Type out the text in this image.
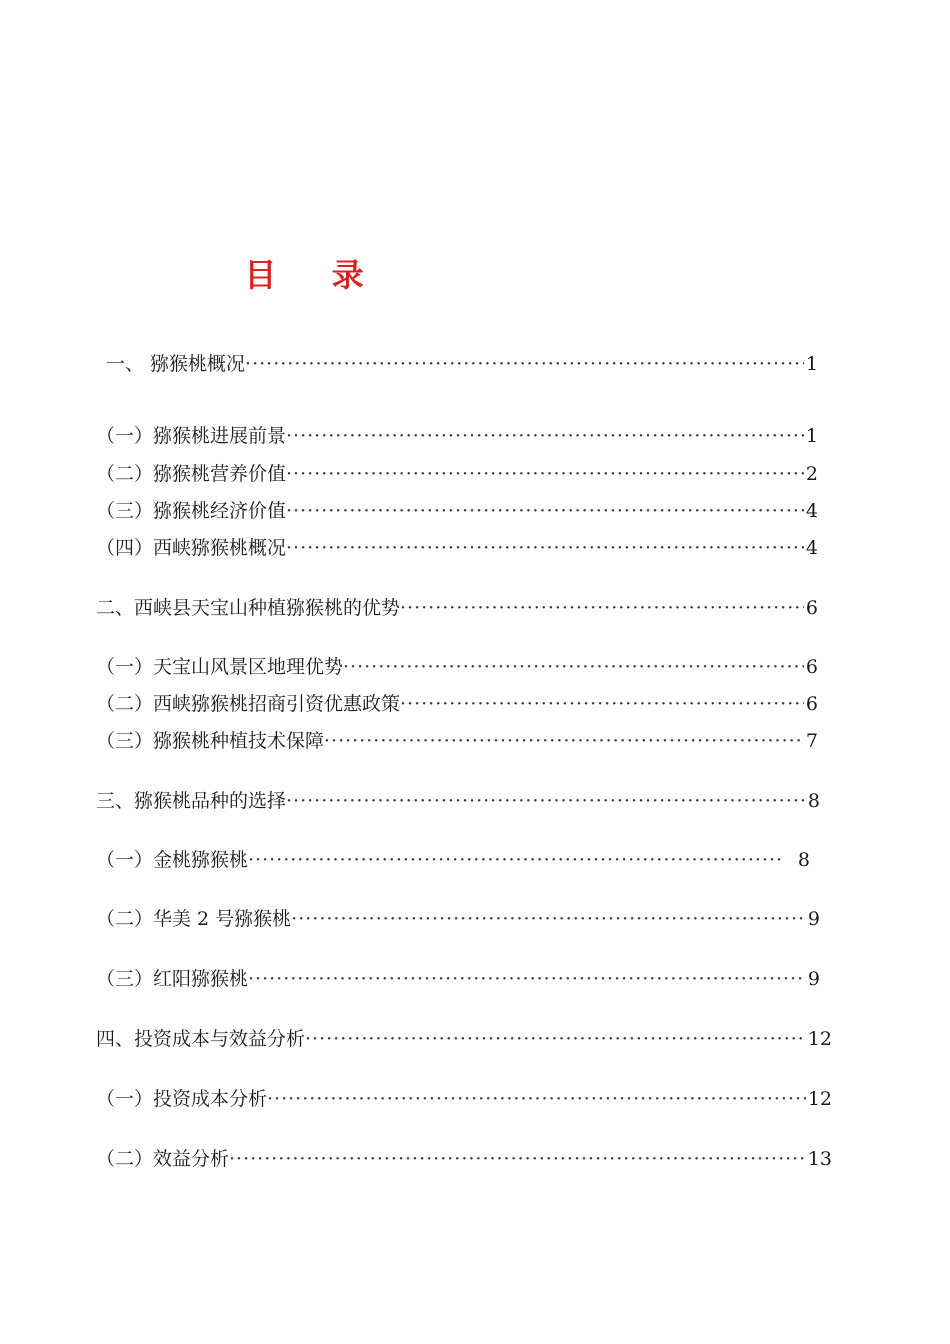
目 录
一、 猕猴桃概况 ·····	1
（一）猕猴桃进展前景 ·····	1
（二）猕猴桃营养价值 ·····	2
（三）猕猴桃经济价值 ·····	4
（四）西峡猕猴桃概况 ·····	4
二、西峡县天宝山种植猕猴桃的优势 ·····	6
（一）天宝山风景区地理优势 ·····	6
（二）西峡猕猴桃招商引资优惠政策 ·····	6
（三）猕猴桃种植技术保障 ·····	7
三、猕猴桃品种的选择 ·····	8
（一）金桃猕猴桃 ·····	8
（二）华美 2 号猕猴桃 ·····	9
（三）红阳猕猴桃 ·····	9
四、投资成本与效益分析 ·····	12
（一）投资成本分析 ·····	12
（二）效益分析 ·····	13
